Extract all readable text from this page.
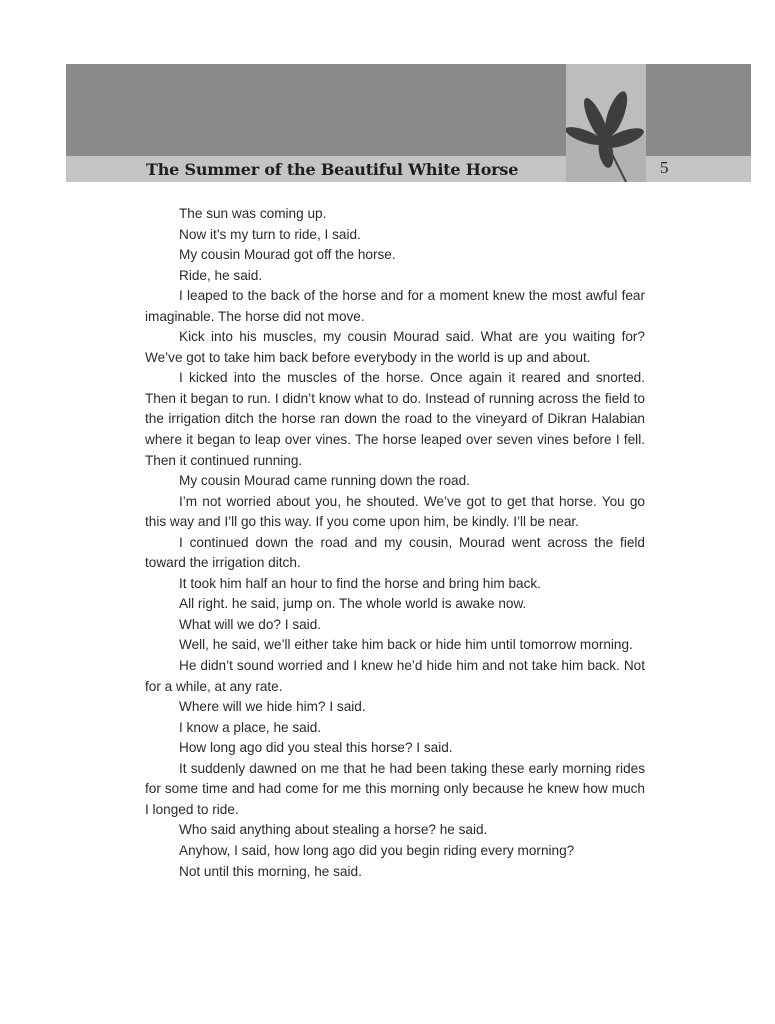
The Summer of the Beautiful White Horse	5

The sun was coming up.

Now it’s my turn to ride, I said.

My cousin Mourad got off the horse.

Ride, he said.

I leaped to the back of the horse and for a moment knew the most awful fear imaginable. The horse did not move.

Kick into his muscles, my cousin Mourad said. What are you waiting for? We’ve got to take him back before everybody in the world is up and about.

I kicked into the muscles of the horse. Once again it reared and snorted. Then it began to run. I didn’t know what to do. Instead of running across the field to the irrigation ditch the horse ran down the road to the vineyard of Dikran Halabian where it began to leap over vines. The horse leaped over seven vines before I fell. Then it continued running.

My cousin Mourad came running down the road.

I’m not worried about you, he shouted. We’ve got to get that horse. You go this way and I’ll go this way. If you come upon him, be kindly. I’ll be near.

I continued down the road and my cousin, Mourad went across the field toward the irrigation ditch.

It took him half an hour to find the horse and bring him back.

All right. he said, jump on. The whole world is awake now.

What will we do? I said.

Well, he said, we’ll either take him back or hide him until tomorrow morning.

He didn’t sound worried and I knew he’d hide him and not take him back. Not for a while, at any rate.

Where will we hide him? I said.

I know a place, he said.

How long ago did you steal this horse? I said.

It suddenly dawned on me that he had been taking these early morning rides for some time and had come for me this morning only because he knew how much I longed to ride.

Who said anything about stealing a horse? he said.

Anyhow, I said, how long ago did you begin riding every morning?

Not until this morning, he said.
